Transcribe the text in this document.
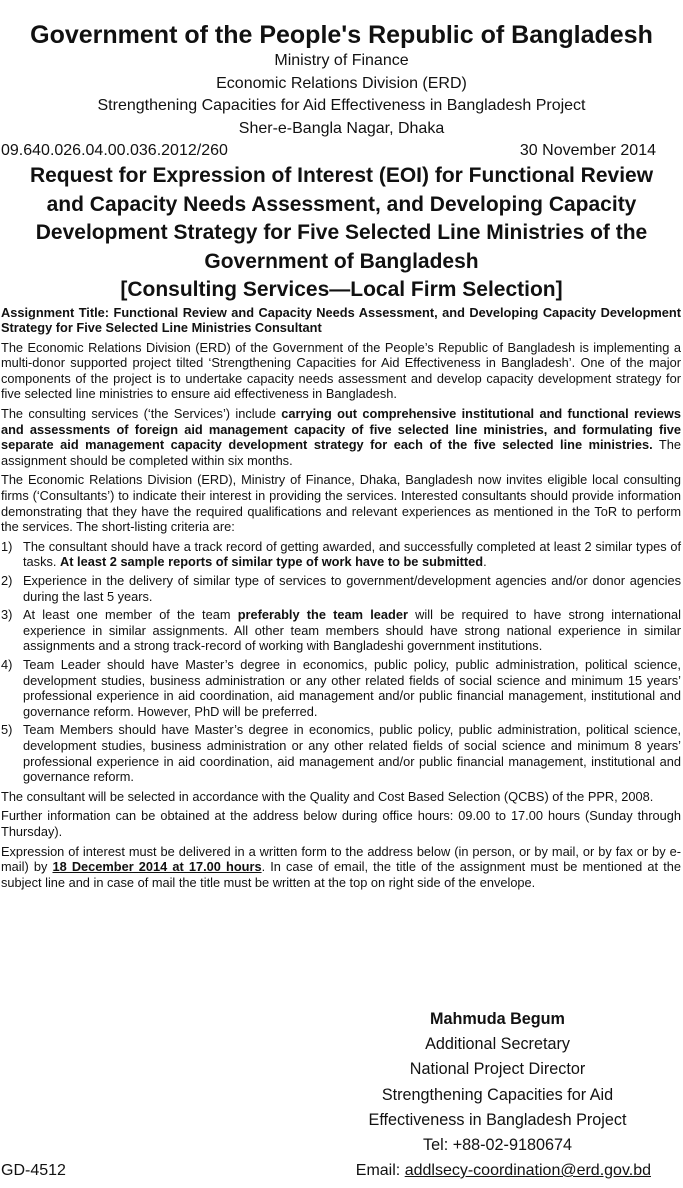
Government of the People's Republic of Bangladesh
Ministry of Finance
Economic Relations Division (ERD)
Strengthening Capacities for Aid Effectiveness in Bangladesh Project
Sher-e-Bangla Nagar, Dhaka
09.640.026.04.00.036.2012/260	30 November 2014
Request for Expression of Interest (EOI) for Functional Review
and Capacity Needs Assessment, and Developing Capacity
Development Strategy for Five Selected Line Ministries of the
Government of Bangladesh
[Consulting Services—Local Firm Selection]

Assignment Title: Functional Review and Capacity Needs Assessment, and Developing Capacity Development Strategy for Five Selected Line Ministries Consultant

The Economic Relations Division (ERD) of the Government of the People’s Republic of Bangladesh is implementing a multi-donor supported project tilted ‘Strengthening Capacities for Aid Effectiveness in Bangladesh’. One of the major components of the project is to undertake capacity needs assessment and develop capacity development strategy for five selected line ministries to ensure aid effectiveness in Bangladesh.

The consulting services (‘the Services’) include carrying out comprehensive institutional and functional reviews and assessments of foreign aid management capacity of five selected line ministries, and formulating five separate aid management capacity development strategy for each of the five selected line ministries. The assignment should be completed within six months.

The Economic Relations Division (ERD), Ministry of Finance, Dhaka, Bangladesh now invites eligible local consulting firms (‘Consultants’) to indicate their interest in providing the services. Interested consultants should provide information demonstrating that they have the required qualifications and relevant experiences as mentioned in the ToR to perform the services. The short-listing criteria are:

1) The consultant should have a track record of getting awarded, and successfully completed at least 2 similar types of tasks. At least 2 sample reports of similar type of work have to be submitted.
2) Experience in the delivery of similar type of services to government/development agencies and/or donor agencies during the last 5 years.
3) At least one member of the team preferably the team leader will be required to have strong international experience in similar assignments. All other team members should have strong national experience in similar assignments and a strong track-record of working with Bangladeshi government institutions.
4) Team Leader should have Master’s degree in economics, public policy, public administration, political science, development studies, business administration or any other related fields of social science and minimum 15 years’ professional experience in aid coordination, aid management and/or public financial management, institutional and governance reform. However, PhD will be preferred.
5) Team Members should have Master’s degree in economics, public policy, public administration, political science, development studies, business administration or any other related fields of social science and minimum 8 years’ professional experience in aid coordination, aid management and/or public financial management, institutional and governance reform.

The consultant will be selected in accordance with the Quality and Cost Based Selection (QCBS) of the PPR, 2008.

Further information can be obtained at the address below during office hours: 09.00 to 17.00 hours (Sunday through Thursday).

Expression of interest must be delivered in a written form to the address below (in person, or by mail, or by fax or by e-mail) by 18 December 2014 at 17.00 hours. In case of email, the title of the assignment must be mentioned at the subject line and in case of mail the title must be written at the top on right side of the envelope.

Mahmuda Begum
Additional Secretary
National Project Director
Strengthening Capacities for Aid
Effectiveness in Bangladesh Project
Tel: +88-02-9180674
GD-4512	Email: addlsecy-coordination@erd.gov.bd
